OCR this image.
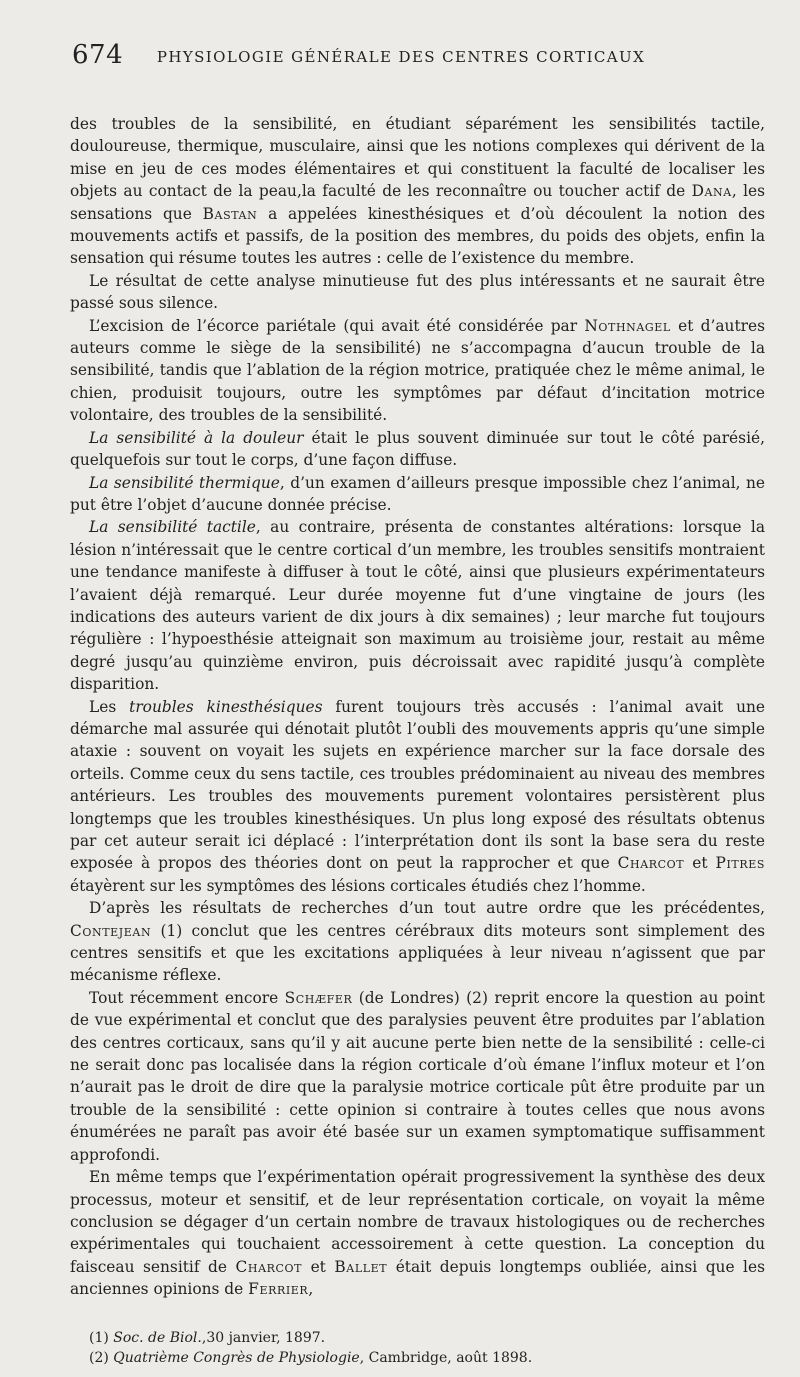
674	PHYSIOLOGIE GÉNÉRALE DES CENTRES CORTICAUX

des troubles de la sensibilité, en étudiant séparément les sensibilités tactile, douloureuse, thermique, musculaire, ainsi que les notions complexes qui dérivent de la mise en jeu de ces modes élémentaires et qui constituent la faculté de localiser les objets au contact de la peau,la faculté de les reconnaître ou toucher actif de Dana, les sensations que Bastan a appelées kinesthésiques et d’où découlent la notion des mouvements actifs et passifs, de la position des membres, du poids des objets, enfin la sensation qui résume toutes les autres : celle de l’existence du membre.

Le résultat de cette analyse minutieuse fut des plus intéressants et ne saurait être passé sous silence.

L’excision de l’écorce pariétale (qui avait été considérée par Nothnagel et d’autres auteurs comme le siège de la sensibilité) ne s’accompagna d’aucun trouble de la sensibilité, tandis que l’ablation de la région motrice, pratiquée chez le même animal, le chien, produisit toujours, outre les symptômes par défaut d’incitation motrice volontaire, des troubles de la sensibilité.

La sensibilité à la douleur était le plus souvent diminuée sur tout le côté parésié, quelquefois sur tout le corps, d’une façon diffuse.

La sensibilité thermique, d’un examen d’ailleurs presque impossible chez l’animal, ne put être l’objet d’aucune donnée précise.

La sensibilité tactile, au contraire, présenta de constantes altérations: lorsque la lésion n’intéressait que le centre cortical d’un membre, les troubles sensitifs montraient une tendance manifeste à diffuser à tout le côté, ainsi que plusieurs expérimentateurs l’avaient déjà remarqué. Leur durée moyenne fut d’une vingtaine de jours (les indications des auteurs varient de dix jours à dix semaines) ; leur marche fut toujours régulière : l’hypoesthésie atteignait son maximum au troisième jour, restait au même degré jusqu’au quinzième environ, puis décroissait avec rapidité jusqu’à complète disparition.

Les troubles kinesthésiques furent toujours très accusés : l’animal avait une démarche mal assurée qui dénotait plutôt l’oubli des mouvements appris qu’une simple ataxie : souvent on voyait les sujets en expérience marcher sur la face dorsale des orteils. Comme ceux du sens tactile, ces troubles prédominaient au niveau des membres antérieurs. Les troubles des mouvements purement volontaires persistèrent plus longtemps que les troubles kinesthésiques. Un plus long exposé des résultats obtenus par cet auteur serait ici déplacé : l’interprétation dont ils sont la base sera du reste exposée à propos des théories dont on peut la rapprocher et que Charcot et Pitres étayèrent sur les symptômes des lésions corticales étudiés chez l’homme.

D’après les résultats de recherches d’un tout autre ordre que les précédentes, Contejean (1) conclut que les centres cérébraux dits moteurs sont simplement des centres sensitifs et que les excitations appliquées à leur niveau n’agissent que par mécanisme réflexe.

Tout récemment encore Schæfer (de Londres) (2) reprit encore la question au point de vue expérimental et conclut que des paralysies peuvent être produites par l’ablation des centres corticaux, sans qu’il y ait aucune perte bien nette de la sensibilité : celle-ci ne serait donc pas localisée dans la région corticale d’où émane l’influx moteur et l’on n’aurait pas le droit de dire que la paralysie motrice corticale pût être produite par un trouble de la sensibilité : cette opinion si contraire à toutes celles que nous avons énumérées ne paraît pas avoir été basée sur un examen symptomatique suffisamment approfondi.

En même temps que l’expérimentation opérait progressivement la synthèse des deux processus, moteur et sensitif, et de leur représentation corticale, on voyait la même conclusion se dégager d’un certain nombre de travaux histologiques ou de recherches expérimentales qui touchaient accessoirement à cette question. La conception du faisceau sensitif de Charcot et Ballet était depuis longtemps oubliée, ainsi que les anciennes opinions de Ferrier,

(1) Soc. de Biol.,30 janvier, 1897.
(2) Quatrième Congrès de Physiologie, Cambridge, août 1898.
